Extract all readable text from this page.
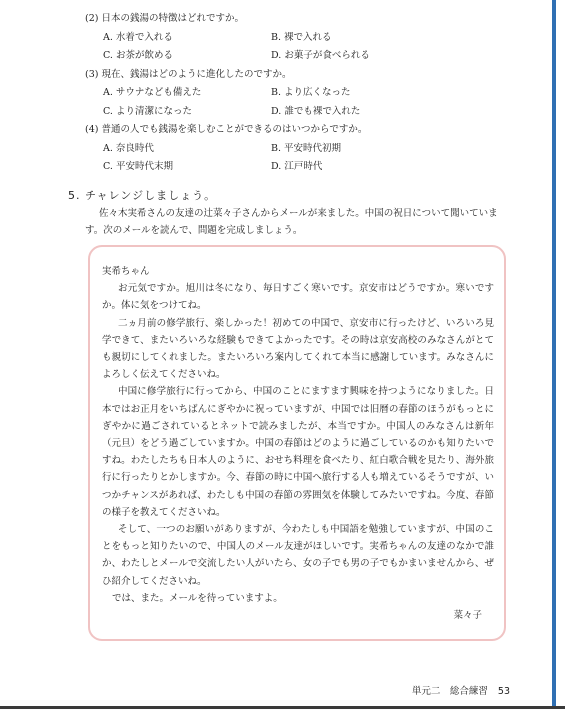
(2) 日本の銭湯の特徴はどれですか。

A. 水着で入れる	B. 裸で入れる
C. お茶が飲める	D. お菓子が食べられる

(3) 現在、銭湯はどのように進化したのですか。

A. サウナなども備えた	B. より広くなった
C. より清潔になった	D. 誰でも裸で入れた

(4) 普通の人でも銭湯を楽しむことができるのはいつからですか。

A. 奈良時代	B. 平安時代初期
C. 平安時代末期	D. 江戸時代
5. チャレンジしましょう。

佐々木実希さんの友達の辻菜々子さんからメールが来ました。中国の祝日について聞いています。次のメールを読んで、問題を完成しましょう。

実希ちゃん

お元気ですか。旭川は冬になり、毎日すごく寒いです。京安市はどうですか。寒いですか。体に気をつけてね。

二ヵ月前の修学旅行、楽しかった！初めての中国で、京安市に行ったけど、いろいろ見学できて、またいろいろな経験もできてよかったです。その時は京安高校のみなさんがとても親切にしてくれました。またいろいろ案内してくれて本当に感謝しています。みなさんによろしく伝えてくださいね。

中国に修学旅行に行ってから、中国のことにますます興味を持つようになりました。日本ではお正月をいちばんにぎやかに祝っていますが、中国では旧暦の春節のほうがもっとにぎやかに過ごされているとネットで読みましたが、本当ですか。中国人のみなさんは新年（元旦）をどう過ごしていますか。中国の春節はどのように過ごしているのかも知りたいですね。わたしたちも日本人のように、おせち料理を食べたり、紅白歌合戦を見たり、海外旅行に行ったりとかしますか。今、春節の時に中国へ旅行する人も増えているそうですが、いつかチャンスがあれば、わたしも中国の春節の雰囲気を体験してみたいですね。今度、春節の様子を教えてくださいね。

そして、一つのお願いがありますが、今わたしも中国語を勉強していますが、中国のことをもっと知りたいので、中国人のメール友達がほしいです。実希ちゃんの友達のなかで誰か、わたしとメールで交流したい人がいたら、女の子でも男の子でもかまいませんから、ぜひ紹介してくださいね。

では、また。メールを待っていますよ。

菜々子

単元二　総合練習 53
